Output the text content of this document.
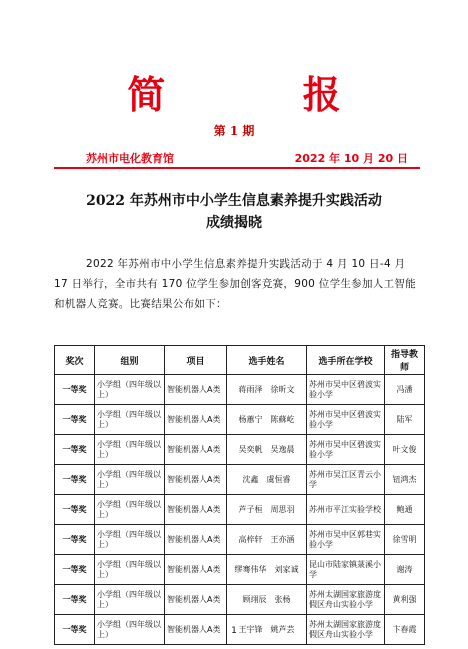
简 报
第 1 期
苏州市电化教育馆	2022 年 10 月 20 日
2022 年苏州市中小学生信息素养提升实践活动
成绩揭晓

2022 年苏州市中小学生信息素养提升实践活动于 4 月 10 日-4 月 17 日举行，全市共有 170 位学生参加创客竞赛，900 位学生参加人工智能和机器人竞赛。比赛结果公布如下：

奖次	组别	项目	选手姓名	选手所在学校	指导教师
一等奖	小学组（四年级以上）	智能机器人A类	蒋雨泽　徐昕文	苏州市吴中区碧波实验小学	冯潘
一等奖	小学组（四年级以上）	智能机器人A类	杨蕙宁　陈蘇屹	苏州市吴中区碧波实验小学	陆军
一等奖	小学组（四年级以上）	智能机器人A类	吴奕帆　吴逸晨	苏州市吴中区碧波实验小学	叶文俊
一等奖	小学组（四年级以上）	智能机器人A类	沈鑫　虞恒睿	苏州市吴江区青云小学	钮鸿杰
一等奖	小学组（四年级以上）	智能机器人A类	芦子桓　周思羽	苏州市平江实验学校	鲍通
一等奖	小学组（四年级以上）	智能机器人A类	高梓轩　王亦涵	苏州市吴中区郭巷实验小学	徐雪明
一等奖	小学组（四年级以上）	智能机器人A类	缪骞伟华　刘家诚	昆山市陆家镇菉溪小学	谢涛
一等奖	小学组（四年级以上）	智能机器人A类	顾翊辰　张杨	苏州太湖国家旅游度假区舟山实验小学	黄利强
一等奖	小学组（四年级以上）	智能机器人A类	王宇锋　姚芦芸	苏州太湖国家旅游度假区舟山实验小学	卞春霞
1
